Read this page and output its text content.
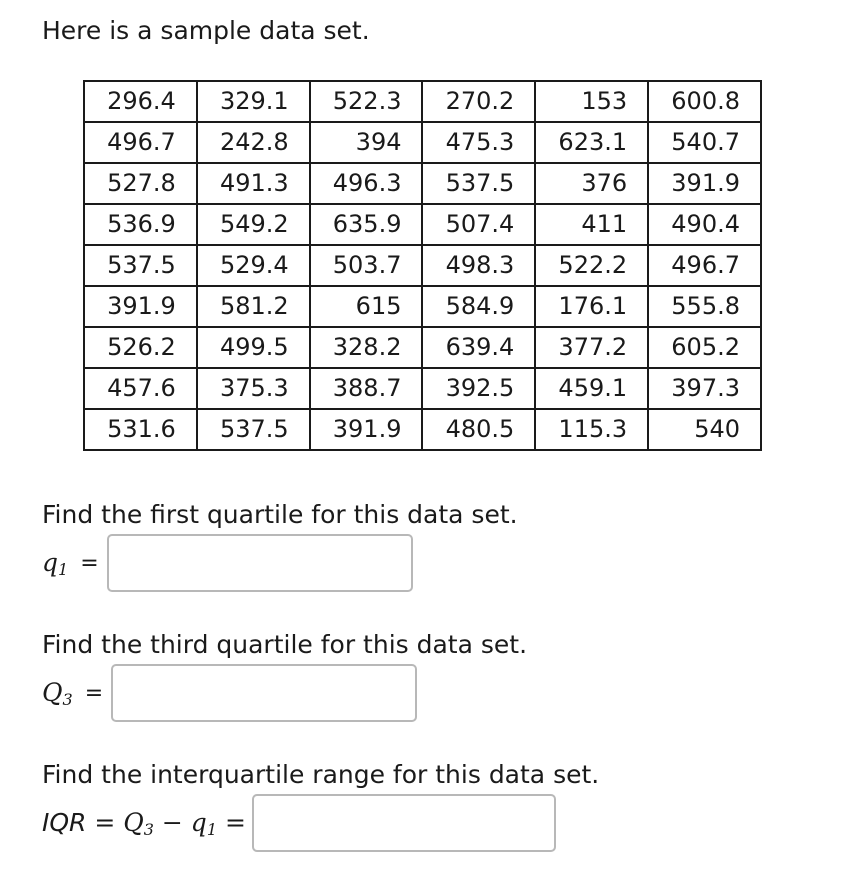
Here is a sample data set.
296.4	329.1	522.3	270.2	153	600.8
496.7	242.8	394	475.3	623.1	540.7
527.8	491.3	496.3	537.5	376	391.9
536.9	549.2	635.9	507.4	411	490.4
537.5	529.4	503.7	498.3	522.2	496.7
391.9	581.2	615	584.9	176.1	555.8
526.2	499.5	328.2	639.4	377.2	605.2
457.6	375.3	388.7	392.5	459.1	397.3
531.6	537.5	391.9	480.5	115.3	540
Find the first quartile for this data set.
$q_1$ =
Find the third quartile for this data set.
$Q_3$ =
Find the interquartile range for this data set.
IQR = $Q_3 - q_1$ =
